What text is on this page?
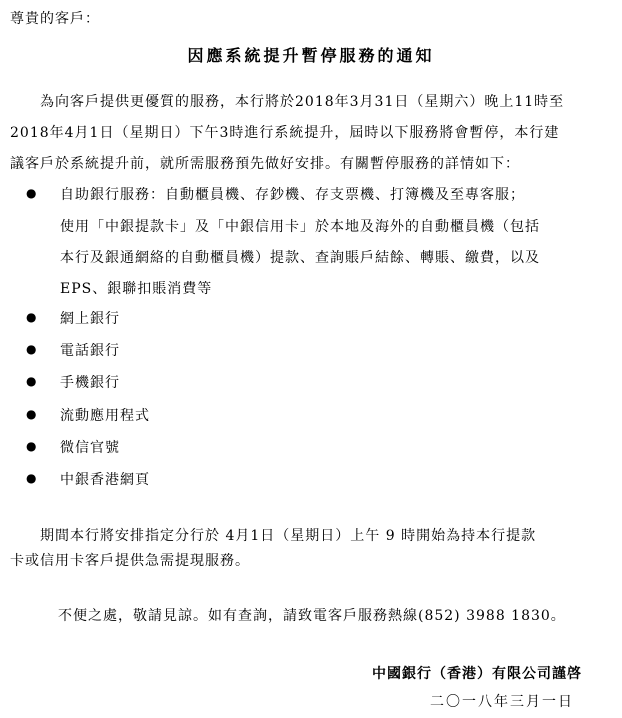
尊貴的客戶：
因應系統提升暫停服務的通知
為向客戶提供更優質的服務，本行將於2018年3月31日（星期六）晚上11時至
2018年4月1日（星期日）下午3時進行系統提升，屆時以下服務將會暫停，本行建
議客戶於系統提升前，就所需服務預先做好安排。有關暫停服務的詳情如下：
● 自助銀行服務：自動櫃員機、存鈔機、存支票機、打簿機及至專客服；
使用「中銀提款卡」及「中銀信用卡」於本地及海外的自動櫃員機（包括
本行及銀通網絡的自動櫃員機）提款、查詢賬戶結餘、轉賬、繳費，以及
EPS、銀聯扣賬消費等
● 網上銀行
● 電話銀行
● 手機銀行
● 流動應用程式
● 微信官號
● 中銀香港網頁
期間本行將安排指定分行於 4月1日（星期日）上午 9 時開始為持本行提款
卡或信用卡客戶提供急需提現服務。
不便之處，敬請見諒。如有查詢，請致電客戶服務熱線(852) 3988 1830。
中國銀行（香港）有限公司謹啓
二〇一八年三月一日
